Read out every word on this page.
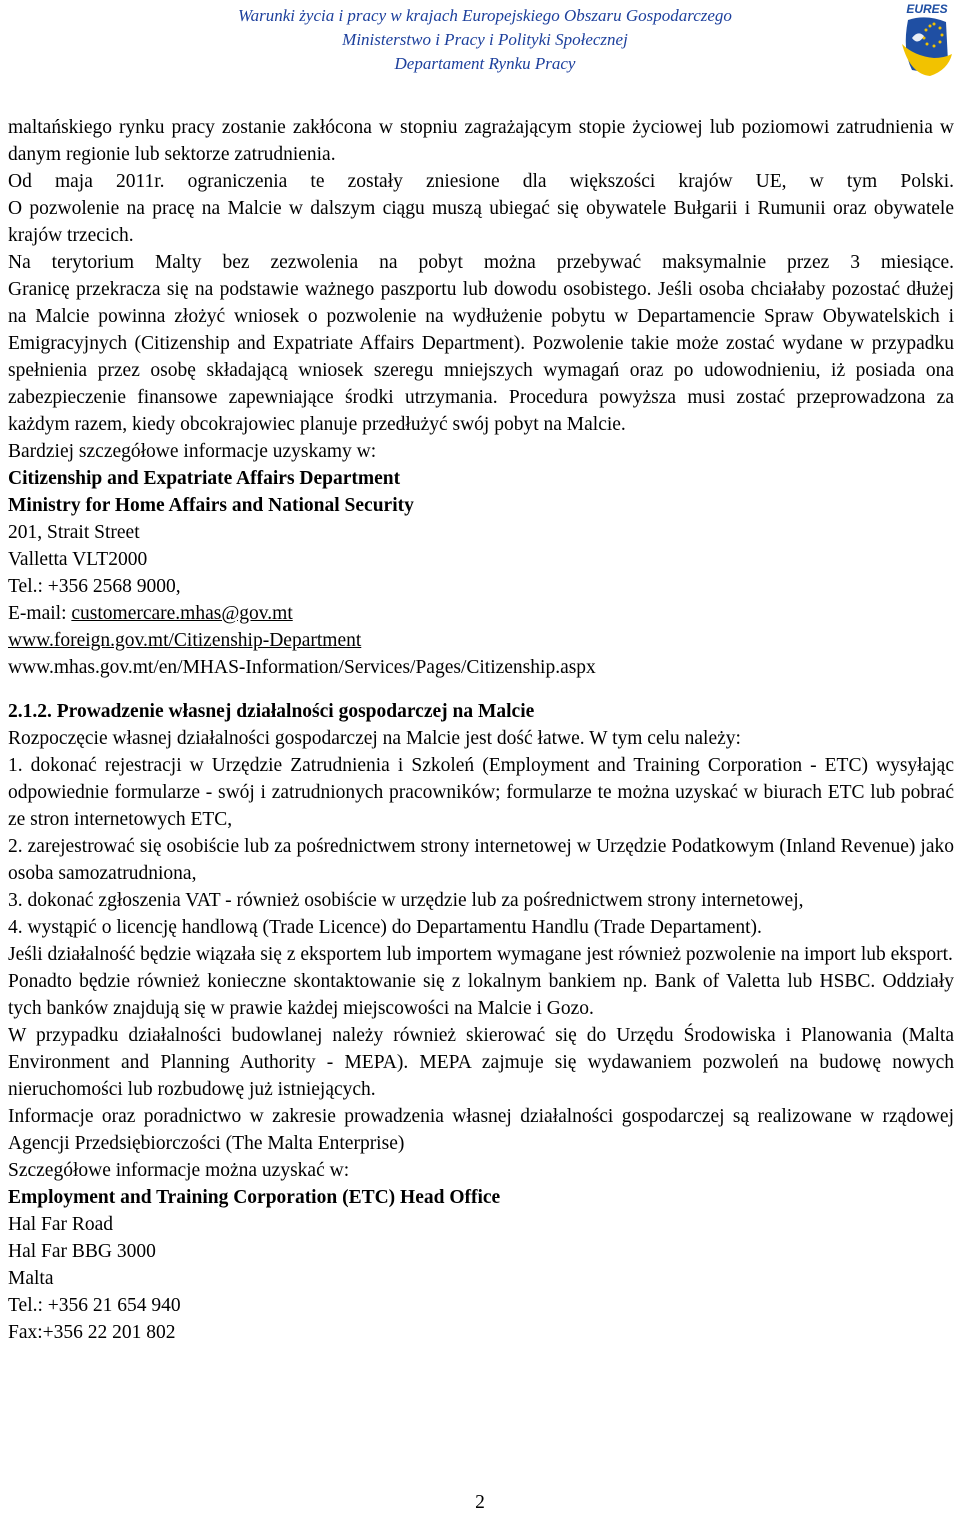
Warunki życia i pracy w krajach Europejskiego Obszaru Gospodarczego
Ministerstwo i Pracy i Polityki Społecznej
Departament Rynku Pracy
EURES

maltańskiego rynku pracy zostanie zakłócona w stopniu zagrażającym stopie życiowej lub poziomowi zatrudnienia w danym regionie lub sektorze zatrudnienia.

Od maja 2011r. ograniczenia te zostały zniesione dla większości krajów UE, w tym Polski.

O pozwolenie na pracę na Malcie w dalszym ciągu muszą ubiegać się obywatele Bułgarii i Rumunii oraz obywatele krajów trzecich.

Na terytorium Malty bez zezwolenia na pobyt można przebywać maksymalnie przez 3 miesiące.

Granicę przekracza się na podstawie ważnego paszportu lub dowodu osobistego. Jeśli osoba chciałaby pozostać dłużej na Malcie powinna złożyć wniosek o pozwolenie na wydłużenie pobytu w Departamencie Spraw Obywatelskich i Emigracyjnych (Citizenship and Expatriate Affairs Department). Pozwolenie takie może zostać wydane w przypadku spełnienia przez osobę składającą wniosek szeregu mniejszych wymagań oraz po udowodnieniu, iż posiada ona zabezpieczenie finansowe zapewniające środki utrzymania. Procedura powyższa musi zostać przeprowadzona za każdym razem, kiedy obcokrajowiec planuje przedłużyć swój pobyt na Malcie.

Bardziej szczegółowe informacje uzyskamy w:

Citizenship and Expatriate Affairs Department

Ministry for Home Affairs and National Security

201, Strait Street

Valletta VLT2000

Tel.: +356 2568 9000,

E-mail: customercare.mhas@gov.mt

www.foreign.gov.mt/Citizenship-Department

www.mhas.gov.mt/en/MHAS-Information/Services/Pages/Citizenship.aspx

2.1.2. Prowadzenie własnej działalności gospodarczej na Malcie

Rozpoczęcie własnej działalności gospodarczej na Malcie jest dość łatwe. W tym celu należy:

1. dokonać rejestracji w Urzędzie Zatrudnienia i Szkoleń (Employment and Training Corporation - ETC) wysyłając odpowiednie formularze - swój i zatrudnionych pracowników; formularze te można uzyskać w biurach ETC lub pobrać ze stron internetowych ETC,

2. zarejestrować się osobiście lub za pośrednictwem strony internetowej w Urzędzie Podatkowym (Inland Revenue) jako osoba samozatrudniona,

3. dokonać zgłoszenia VAT - również osobiście w urzędzie lub za pośrednictwem strony internetowej,

4. wystąpić o licencję handlową (Trade Licence) do Departamentu Handlu (Trade Departament).

Jeśli działalność będzie wiązała się z eksportem lub importem wymagane jest również pozwolenie na import lub eksport.

Ponadto będzie również konieczne skontaktowanie się z lokalnym bankiem np. Bank of Valetta lub HSBC. Oddziały tych banków znajdują się w prawie każdej miejscowości na Malcie i Gozo.

W przypadku działalności budowlanej należy również skierować się do Urzędu Środowiska i Planowania (Malta Environment and Planning Authority - MEPA). MEPA zajmuje się wydawaniem pozwoleń na budowę nowych nieruchomości lub rozbudowę już istniejących.

Informacje oraz poradnictwo w zakresie prowadzenia własnej działalności gospodarczej są realizowane w rządowej Agencji Przedsiębiorczości (The Malta Enterprise)

Szczegółowe informacje można uzyskać w:

Employment and Training Corporation (ETC) Head Office

Hal Far Road

Hal Far BBG 3000

Malta

Tel.: +356 21 654 940

Fax:+356 22 201 802

2
